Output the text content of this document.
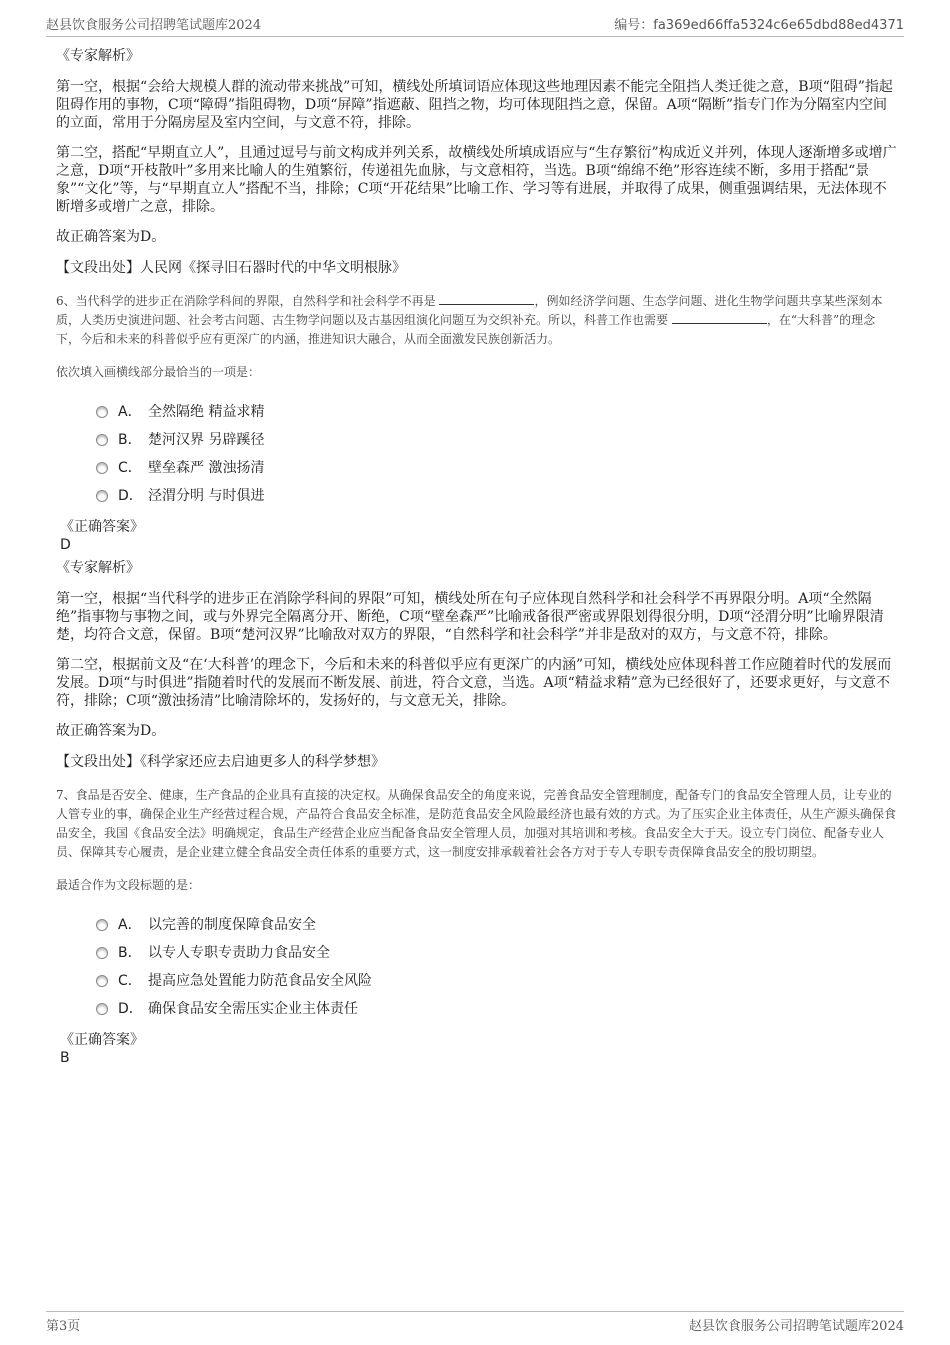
赵县饮食服务公司招聘笔试题库2024	编号：fa369ed66ffa5324c6e65dbd88ed4371
《专家解析》

第一空，根据“会给大规模人群的流动带来挑战”可知，横线处所填词语应体现这些地理因素不能完全阻挡人类迁徙之意，B项“阻碍”指起阻碍作用的事物，C项“障碍”指阻碍物，D项“屏障”指遮蔽、阻挡之物，均可体现阻挡之意，保留。A项“隔断”指专门作为分隔室内空间的立面，常用于分隔房屋及室内空间，与文意不符，排除。

第二空，搭配“早期直立人”，且通过逗号与前文构成并列关系，故横线处所填成语应与“生存繁衍”构成近义并列，体现人逐渐增多或增广之意，D项“开枝散叶”多用来比喻人的生殖繁衍，传递祖先血脉，与文意相符，当选。B项“绵绵不绝”形容连续不断，多用于搭配“景象”“文化”等，与“早期直立人”搭配不当，排除；C项“开花结果”比喻工作、学习等有进展，并取得了成果，侧重强调结果，无法体现不断增多或增广之意，排除。

故正确答案为D。

【文段出处】人民网《探寻旧石器时代的中华文明根脉》
6、当代科学的进步正在消除学科间的界限，自然科学和社会科学不再是	，例如经济学问题、生态学问题、进化生物学问题共享某些深刻本质，人类历史演进问题、社会考古问题、古生物学问题以及古基因组演化问题互为交织补充。所以，科普工作也需要	，在“大科普”的理念下，今后和未来的科普似乎应有更深广的内涵，推进知识大融合，从而全面激发民族创新活力。
依次填入画横线部分最恰当的一项是：
A． 全然隔绝 精益求精
B． 楚河汉界 另辟蹊径
C． 壁垒森严 激浊扬清
D． 泾渭分明 与时俱进
《正确答案》
D
《专家解析》

第一空，根据“当代科学的进步正在消除学科间的界限”可知，横线处所在句子应体现自然科学和社会科学不再界限分明。A项“全然隔绝”指事物与事物之间，或与外界完全隔离分开、断绝，C项“壁垒森严”比喻戒备很严密或界限划得很分明，D项“泾渭分明”比喻界限清楚，均符合文意，保留。B项“楚河汉界”比喻敌对双方的界限，“自然科学和社会科学”并非是敌对的双方，与文意不符，排除。

第二空，根据前文及“在‘大科普’的理念下，今后和未来的科普似乎应有更深广的内涵”可知，横线处应体现科普工作应随着时代的发展而发展。D项“与时俱进”指随着时代的发展而不断发展、前进，符合文意，当选。A项“精益求精”意为已经很好了，还要求更好，与文意不符，排除；C项“激浊扬清”比喻清除坏的，发扬好的，与文意无关，排除。

故正确答案为D。

【文段出处】《科学家还应去启迪更多人的科学梦想》
7、食品是否安全、健康，生产食品的企业具有直接的决定权。从确保食品安全的角度来说，完善食品安全管理制度，配备专门的食品安全管理人员，让专业的人管专业的事，确保企业生产经营过程合规，产品符合食品安全标准，是防范食品安全风险最经济也最有效的方式。为了压实企业主体责任，从生产源头确保食品安全，我国《食品安全法》明确规定，食品生产经营企业应当配备食品安全管理人员，加强对其培训和考核。食品安全大于天。设立专门岗位、配备专业人员、保障其专心履责，是企业建立健全食品安全责任体系的重要方式，这一制度安排承载着社会各方对于专人专职专责保障食品安全的殷切期望。
最适合作为文段标题的是：
A． 以完善的制度保障食品安全
B． 以专人专职专责助力食品安全
C． 提高应急处置能力防范食品安全风险
D． 确保食品安全需压实企业主体责任
《正确答案》
B
第3页	赵县饮食服务公司招聘笔试题库2024
